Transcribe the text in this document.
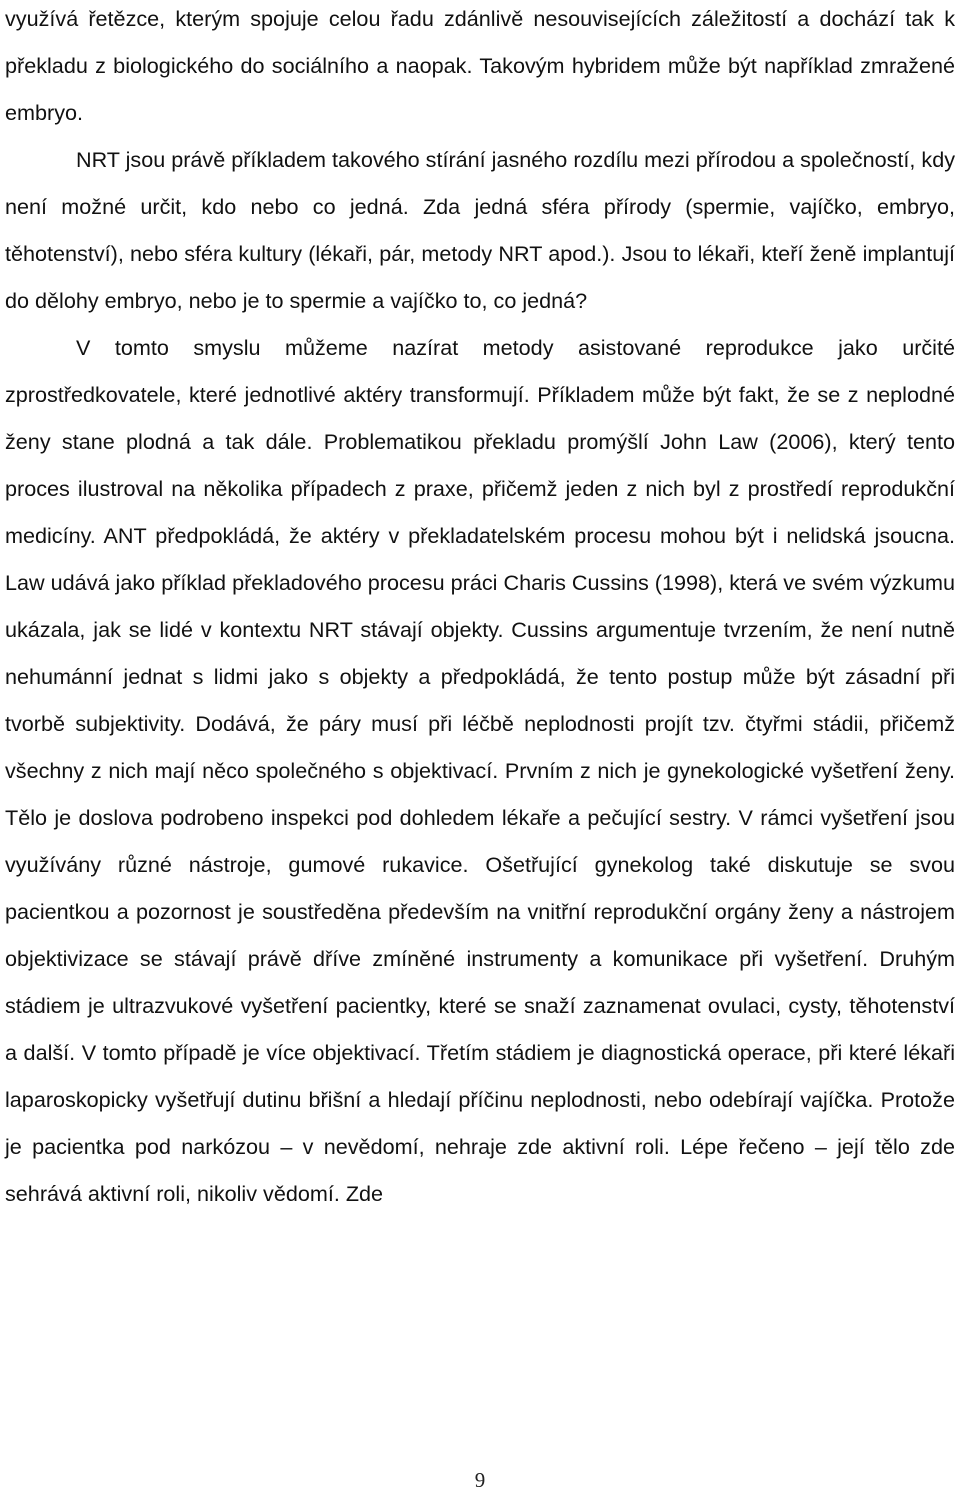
využívá řetězce, kterým spojuje celou řadu zdánlivě nesouvisejících záležitostí a dochází tak k překladu z biologického do sociálního a naopak. Takovým hybridem může být například zmražené embryo.

NRT jsou právě příkladem takového stírání jasného rozdílu mezi přírodou a společností, kdy není možné určit, kdo nebo co jedná. Zda jedná sféra přírody (spermie, vajíčko, embryo, těhotenství), nebo sféra kultury (lékaři, pár, metody NRT apod.). Jsou to lékaři, kteří ženě implantují do dělohy embryo, nebo je to spermie a vajíčko to, co jedná?

V tomto smyslu můžeme nazírat metody asistované reprodukce jako určité zprostředkovatele, které jednotlivé aktéry transformují. Příkladem může být fakt, že se z neplodné ženy stane plodná a tak dále. Problematikou překladu promýšlí John Law (2006), který tento proces ilustroval na několika případech z praxe, přičemž jeden z nich byl z prostředí reprodukční medicíny. ANT předpokládá, že aktéry v překladatelském procesu mohou být i nelidská jsoucna. Law udává jako příklad překladového procesu práci Charis Cussins (1998), která ve svém výzkumu ukázala, jak se lidé v kontextu NRT stávají objekty. Cussins argumentuje tvrzením, že není nutně nehumánní jednat s lidmi jako s objekty a předpokládá, že tento postup může být zásadní při tvorbě subjektivity. Dodává, že páry musí při léčbě neplodnosti projít tzv. čtyřmi stádii, přičemž všechny z nich mají něco společného s objektivací. Prvním z nich je gynekologické vyšetření ženy. Tělo je doslova podrobeno inspekci pod dohledem lékaře a pečující sestry. V rámci vyšetření jsou využívány různé nástroje, gumové rukavice. Ošetřující gynekolog také diskutuje se svou pacientkou a pozornost je soustředěna především na vnitřní reprodukční orgány ženy a nástrojem objektivizace se stávají právě dříve zmíněné instrumenty a komunikace při vyšetření. Druhým stádiem je ultrazvukové vyšetření pacientky, které se snaží zaznamenat ovulaci, cysty, těhotenství a další. V tomto případě je více objektivací. Třetím stádiem je diagnostická operace, při které lékaři laparoskopicky vyšetřují dutinu břišní a hledají příčinu neplodnosti, nebo odebírají vajíčka. Protože je pacientka pod narkózou – v nevědomí, nehraje zde aktivní roli. Lépe řečeno – její tělo zde sehrává aktivní roli, nikoliv vědomí. Zde

9
